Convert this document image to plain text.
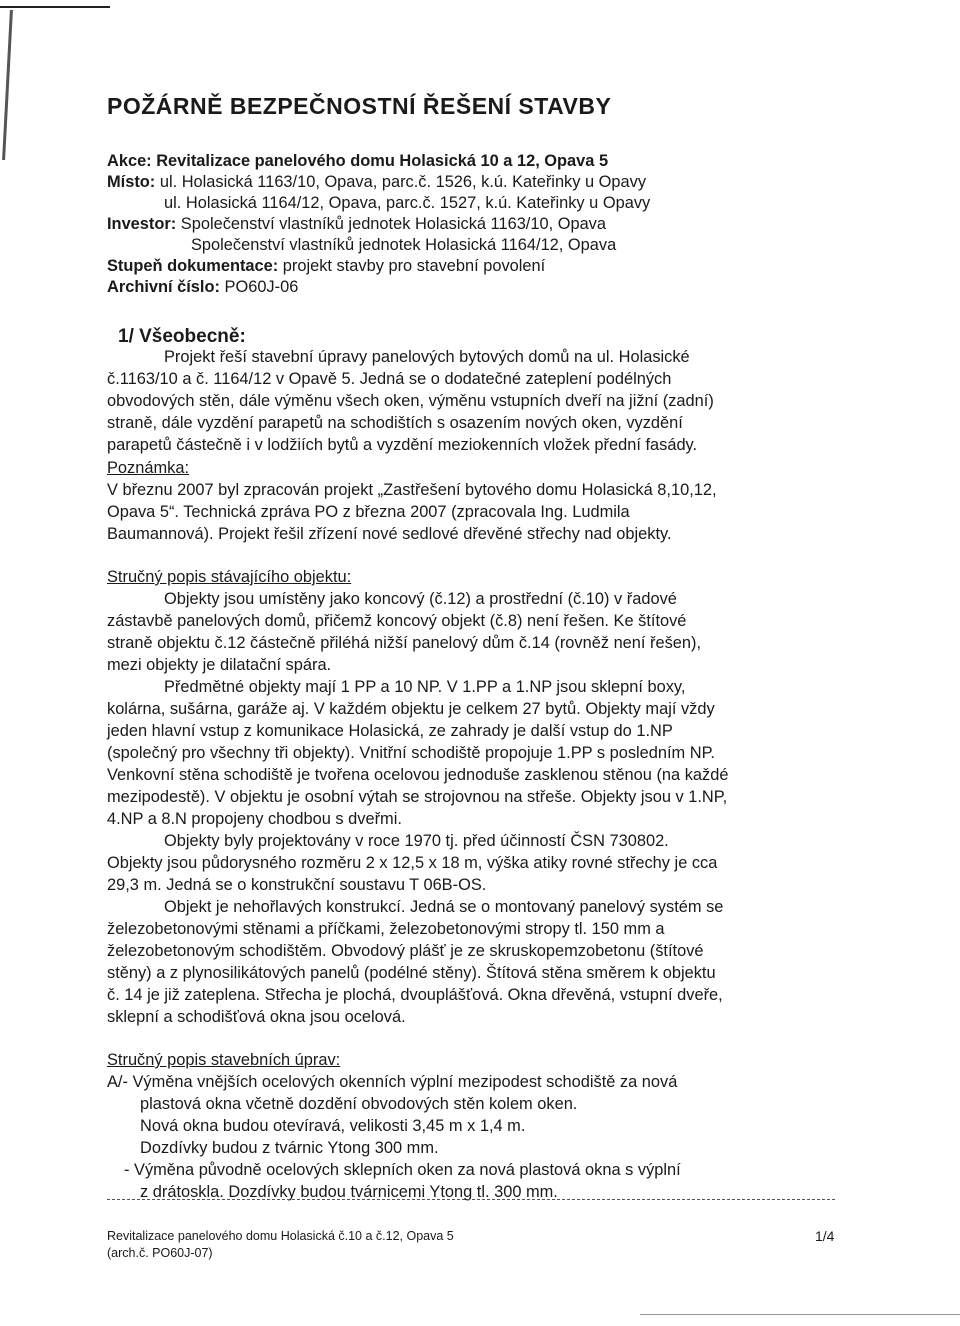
POŽÁRNĚ BEZPEČNOSTNÍ ŘEŠENÍ STAVBY
Akce: Revitalizace panelového domu Holasická 10 a 12, Opava 5
Místo: ul. Holasická 1163/10, Opava, parc.č. 1526, k.ú. Kateřinky u Opavy
ul. Holasická 1164/12, Opava, parc.č. 1527, k.ú. Kateřinky u Opavy
Investor: Společenství vlastníků jednotek Holasická 1163/10, Opava
Společenství vlastníků jednotek Holasická 1164/12, Opava
Stupeň dokumentace: projekt stavby pro stavební povolení
Archivní číslo: PO60J-06
1/ Všeobecně:
Projekt řeší stavební úpravy panelových bytových domů na ul. Holasické
č.1163/10 a č. 1164/12 v Opavě 5. Jedná se o dodatečné zateplení podélných
obvodových stěn, dále výměnu všech oken, výměnu vstupních dveří na jižní (zadní)
straně, dále vyzdění parapetů na schodištích s osazením nových oken, vyzdění
parapetů částečně i v lodžiích bytů a vyzdění meziokenních vložek přední fasády.
Poznámka:
V březnu 2007 byl zpracován projekt „Zastřešení bytového domu Holasická 8,10,12,
Opava 5“. Technická zpráva PO z března 2007 (zpracovala Ing. Ludmila
Baumannová). Projekt řešil zřízení nové sedlové dřevěné střechy nad objekty.
Stručný popis stávajícího objektu:
Objekty jsou umístěny jako koncový (č.12) a prostřední (č.10) v řadové
zástavbě panelových domů, přičemž koncový objekt (č.8) není řešen. Ke štítové
straně objektu č.12 částečně přiléhá nižší panelový dům č.14 (rovněž není řešen),
mezi objekty je dilatační spára.
Předmětné objekty mají 1 PP a 10 NP. V 1.PP a 1.NP jsou sklepní boxy,
kolárna, sušárna, garáže aj. V každém objektu je celkem 27 bytů. Objekty mají vždy
jeden hlavní vstup z komunikace Holasická, ze zahrady je další vstup do 1.NP
(společný pro všechny tři objekty). Vnitřní schodiště propojuje 1.PP s posledním NP.
Venkovní stěna schodiště je tvořena ocelovou jednoduše zasklenou stěnou (na každé
mezipodestě). V objektu je osobní výtah se strojovnou na střeše. Objekty jsou v 1.NP,
4.NP a 8.N propojeny chodbou s dveřmi.
Objekty byly projektovány v roce 1970 tj. před účinností ČSN 730802.
Objekty jsou půdorysného rozměru 2 x 12,5 x 18 m, výška atiky rovné střechy je cca
29,3 m. Jedná se o konstrukční soustavu T 06B-OS.
Objekt je nehořlavých konstrukcí. Jedná se o montovaný panelový systém se
železobetonovými stěnami a příčkami, železobetonovými stropy tl. 150 mm a
železobetonovým schodištěm. Obvodový plášť je ze skruskopemzobetonu (štítové
stěny) a z plynosilikátových panelů (podélné stěny). Štítová stěna směrem k objektu
č. 14 je již zateplena. Střecha je plochá, dvouplášťová. Okna dřevěná, vstupní dveře,
sklepní a schodišťová okna jsou ocelová.
Stručný popis stavebních úprav:
A/- Výměna vnějších ocelových okenních výplní mezipodest schodiště za nová
plastová okna včetně dozdění obvodových stěn kolem oken.
Nová okna budou otevíravá, velikosti 3,45 m x 1,4 m.
Dozdívky budou z tvárnic Ytong 300 mm.
- Výměna původně ocelových sklepních oken za nová plastová okna s výplní
z drátoskla. Dozdívky budou tvárnicemi Ytong tl. 300 mm.
Revitalizace panelového domu Holasická č.10 a č.12, Opava 5
(arch.č. PO60J-07)
1/4
